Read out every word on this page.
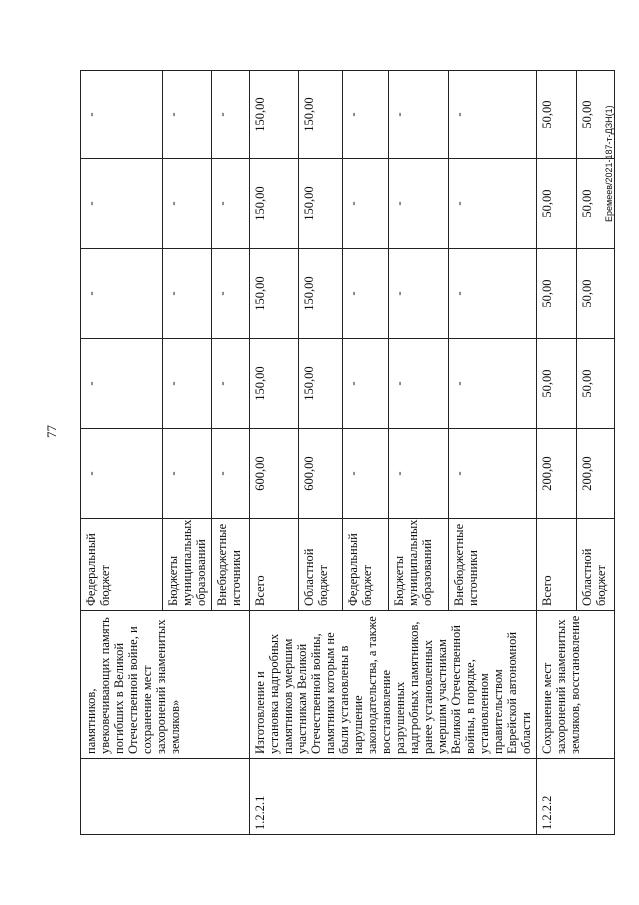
77
Еремеев/2021-187-т-ДЗН(1)
	памятников, увековечивающих память погибших в Великой Отечественной войне, и сохранение мест захоронений знаменитых земляков»	Федеральный бюджет	-	-	-	-	-
		Бюджеты муниципальных образований	-	-	-	-	-
		Внебюджетные источники	-	-	-	-	-
1.2.2.1	Изготовление и установка надгробных памятников умершим участникам Великой Отечественной войны, памятники которым не были установлены в нарушение законодательства, а также восстановление разрушенных надгробных памятников, ранее установленных умершим участникам Великой Отечественной войны, в порядке, установленном правительством Еврейской автономной области	Всего	600,00	150,00	150,00	150,00	150,00
		Областной бюджет	600,00	150,00	150,00	150,00	150,00
		Федеральный бюджет	-	-	-	-	-
		Бюджеты муниципальных образований	-	-	-	-	-
		Внебюджетные источники	-	-	-	-	-
1.2.2.2	Сохранение мест захоронений знаменитых земляков, восстановление	Всего	200,00	50,00	50,00	50,00	50,00
		Областной бюджет	200,00	50,00	50,00	50,00	50,00
